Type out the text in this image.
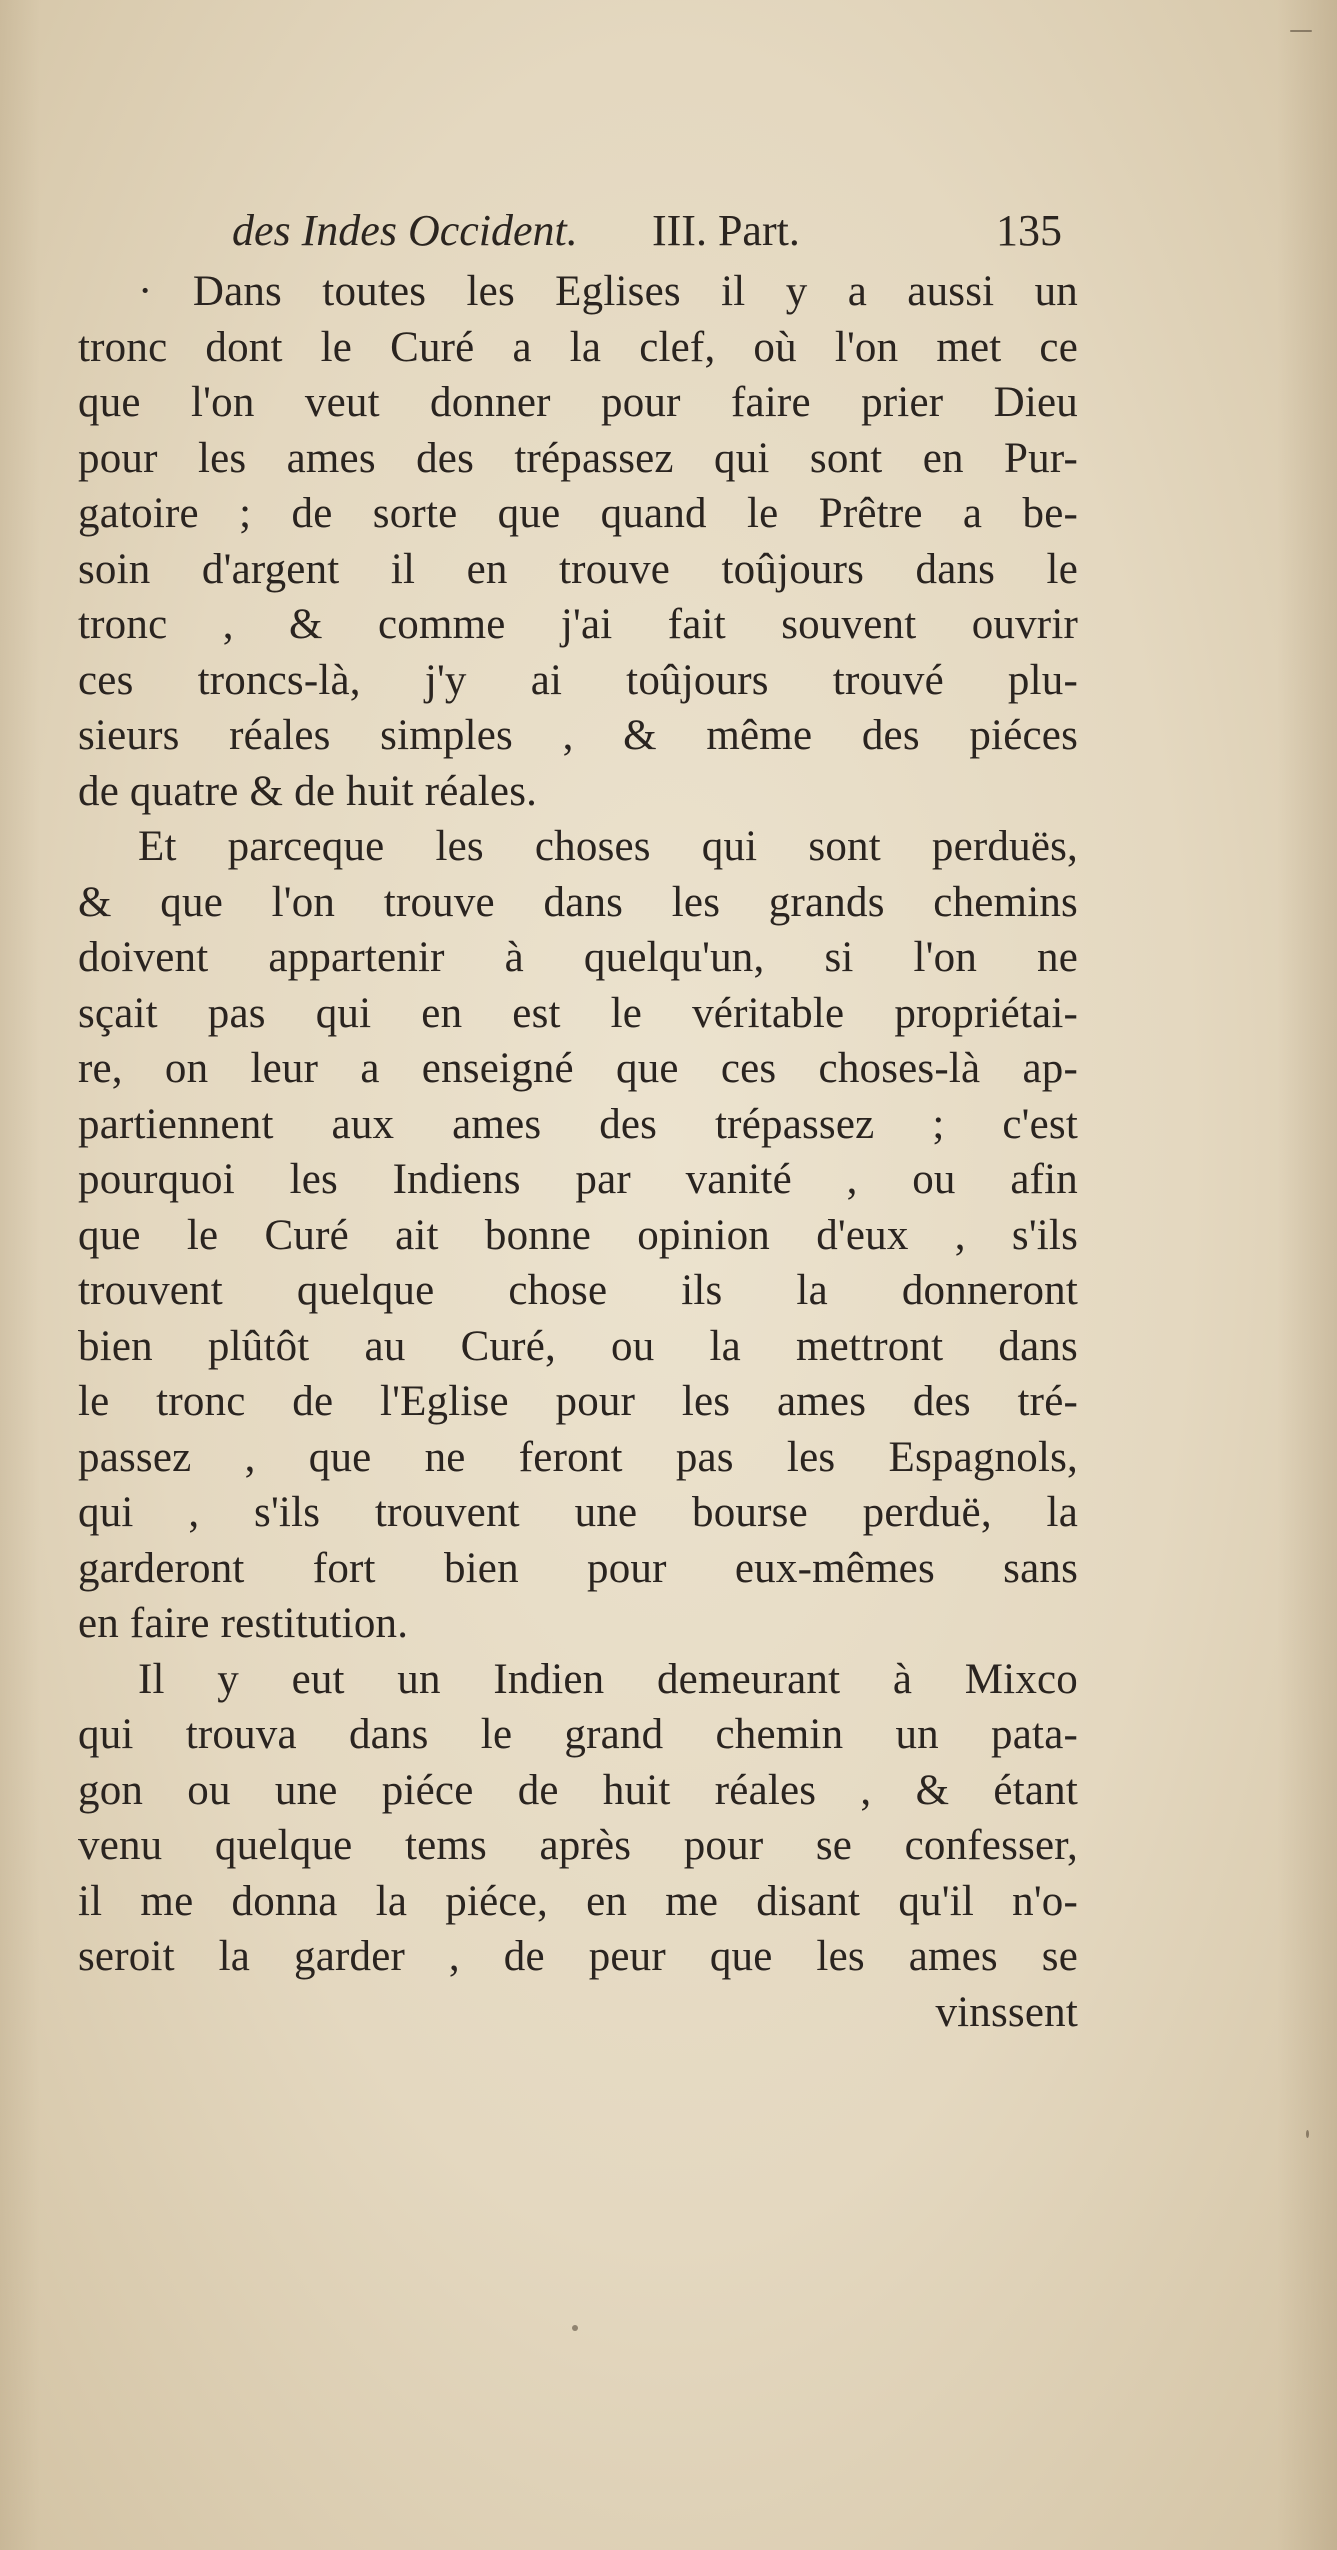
des Indes Occident. III. Part.	135
· Dans toutes les Eglises il y a aussi un
tronc dont le Curé a la clef, où l'on met ce
que l'on veut donner pour faire prier Dieu
pour les ames des trépassez qui sont en Pur-
gatoire ; de sorte que quand le Prêtre a be-
soin d'argent il en trouve toûjours dans le
tronc , & comme j'ai fait souvent ouvrir
ces troncs-là, j'y ai toûjours trouvé plu-
sieurs réales simples , & même des piéces
de quatre & de huit réales.
Et parceque les choses qui sont perduës,
& que l'on trouve dans les grands chemins
doivent appartenir à quelqu'un, si l'on ne
sçait pas qui en est le véritable propriétai-
re, on leur a enseigné que ces choses-là ap-
partiennent aux ames des trépassez ; c'est
pourquoi les Indiens par vanité , ou afin
que le Curé ait bonne opinion d'eux , s'ils
trouvent quelque chose ils la donneront
bien plûtôt au Curé, ou la mettront dans
le tronc de l'Eglise pour les ames des tré-
passez , que ne feront pas les Espagnols,
qui , s'ils trouvent une bourse perduë, la
garderont fort bien pour eux-mêmes sans
en faire restitution.
Il y eut un Indien demeurant à Mixco
qui trouva dans le grand chemin un pata-
gon ou une piéce de huit réales , & étant
venu quelque tems après pour se confesser,
il me donna la piéce, en me disant qu'il n'o-
seroit la garder , de peur que les ames se
vinssent
